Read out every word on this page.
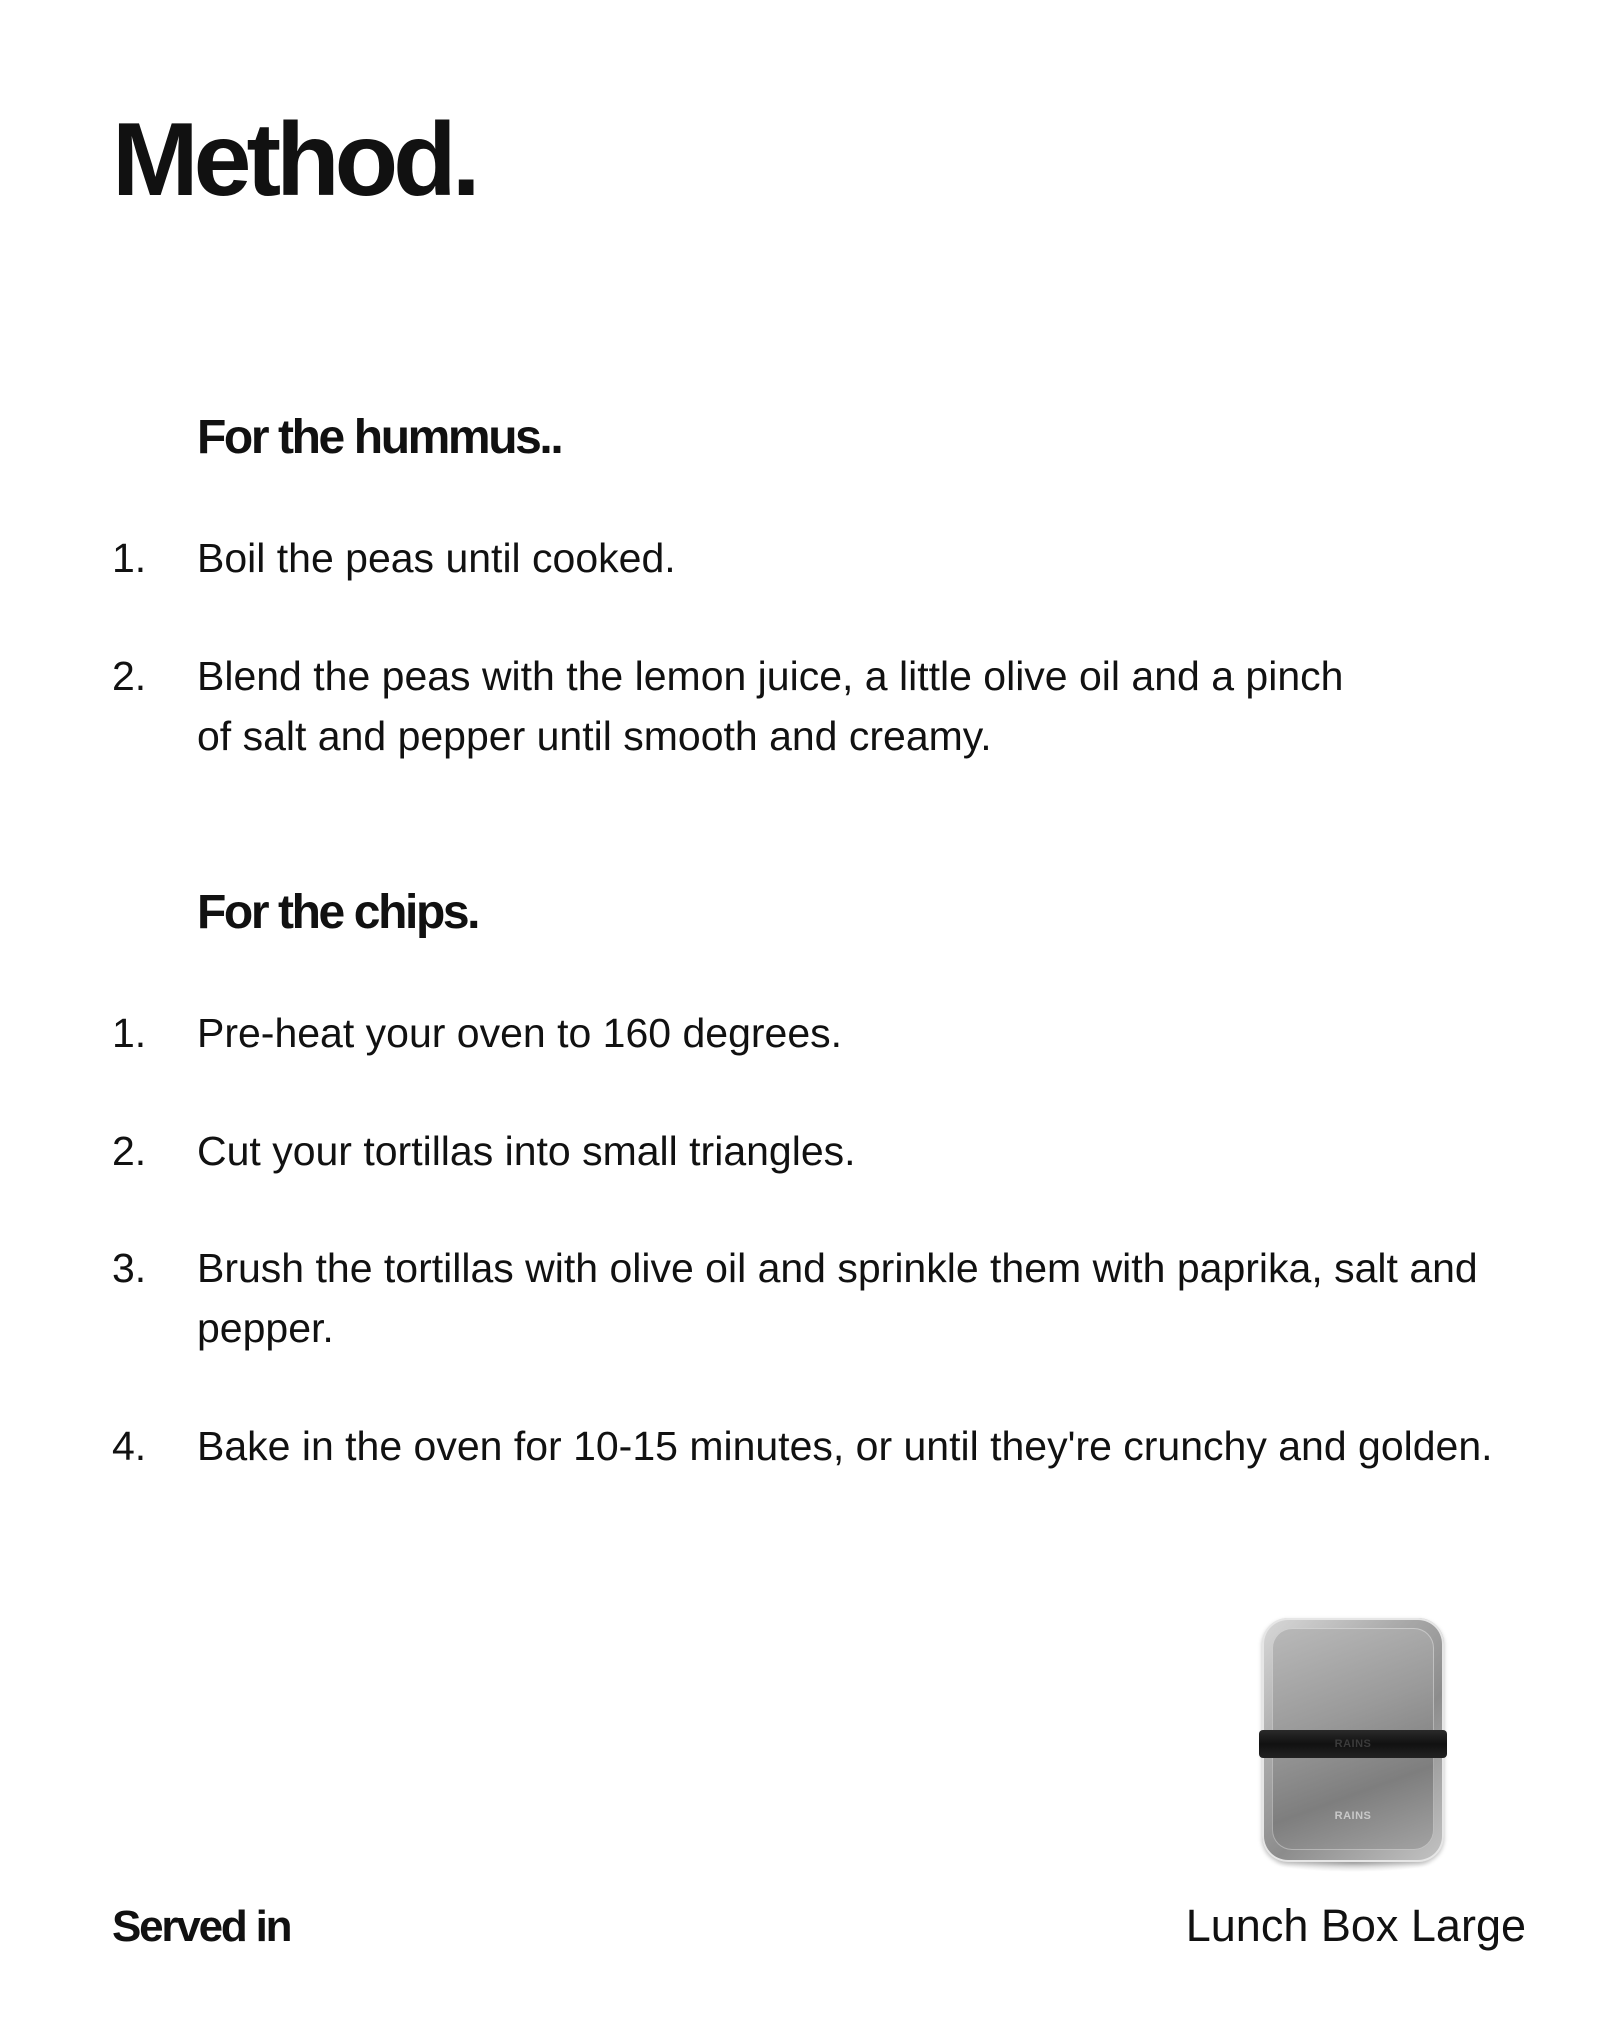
Method.
For the hummus..
1.	Boil the peas until cooked.
2.	Blend the peas with the lemon juice, a little olive oil and a pinch of salt and pepper until smooth and creamy.
For the chips.
1.	Pre-heat your oven to 160 degrees.
2.	Cut your tortillas into small triangles.
3.	Brush the tortillas with olive oil and sprinkle them with paprika, salt and pepper.
4.	Bake in the oven for 10-15 minutes, or until they're crunchy and golden.
RAINS
RAINS

Served in	Lunch Box Large
